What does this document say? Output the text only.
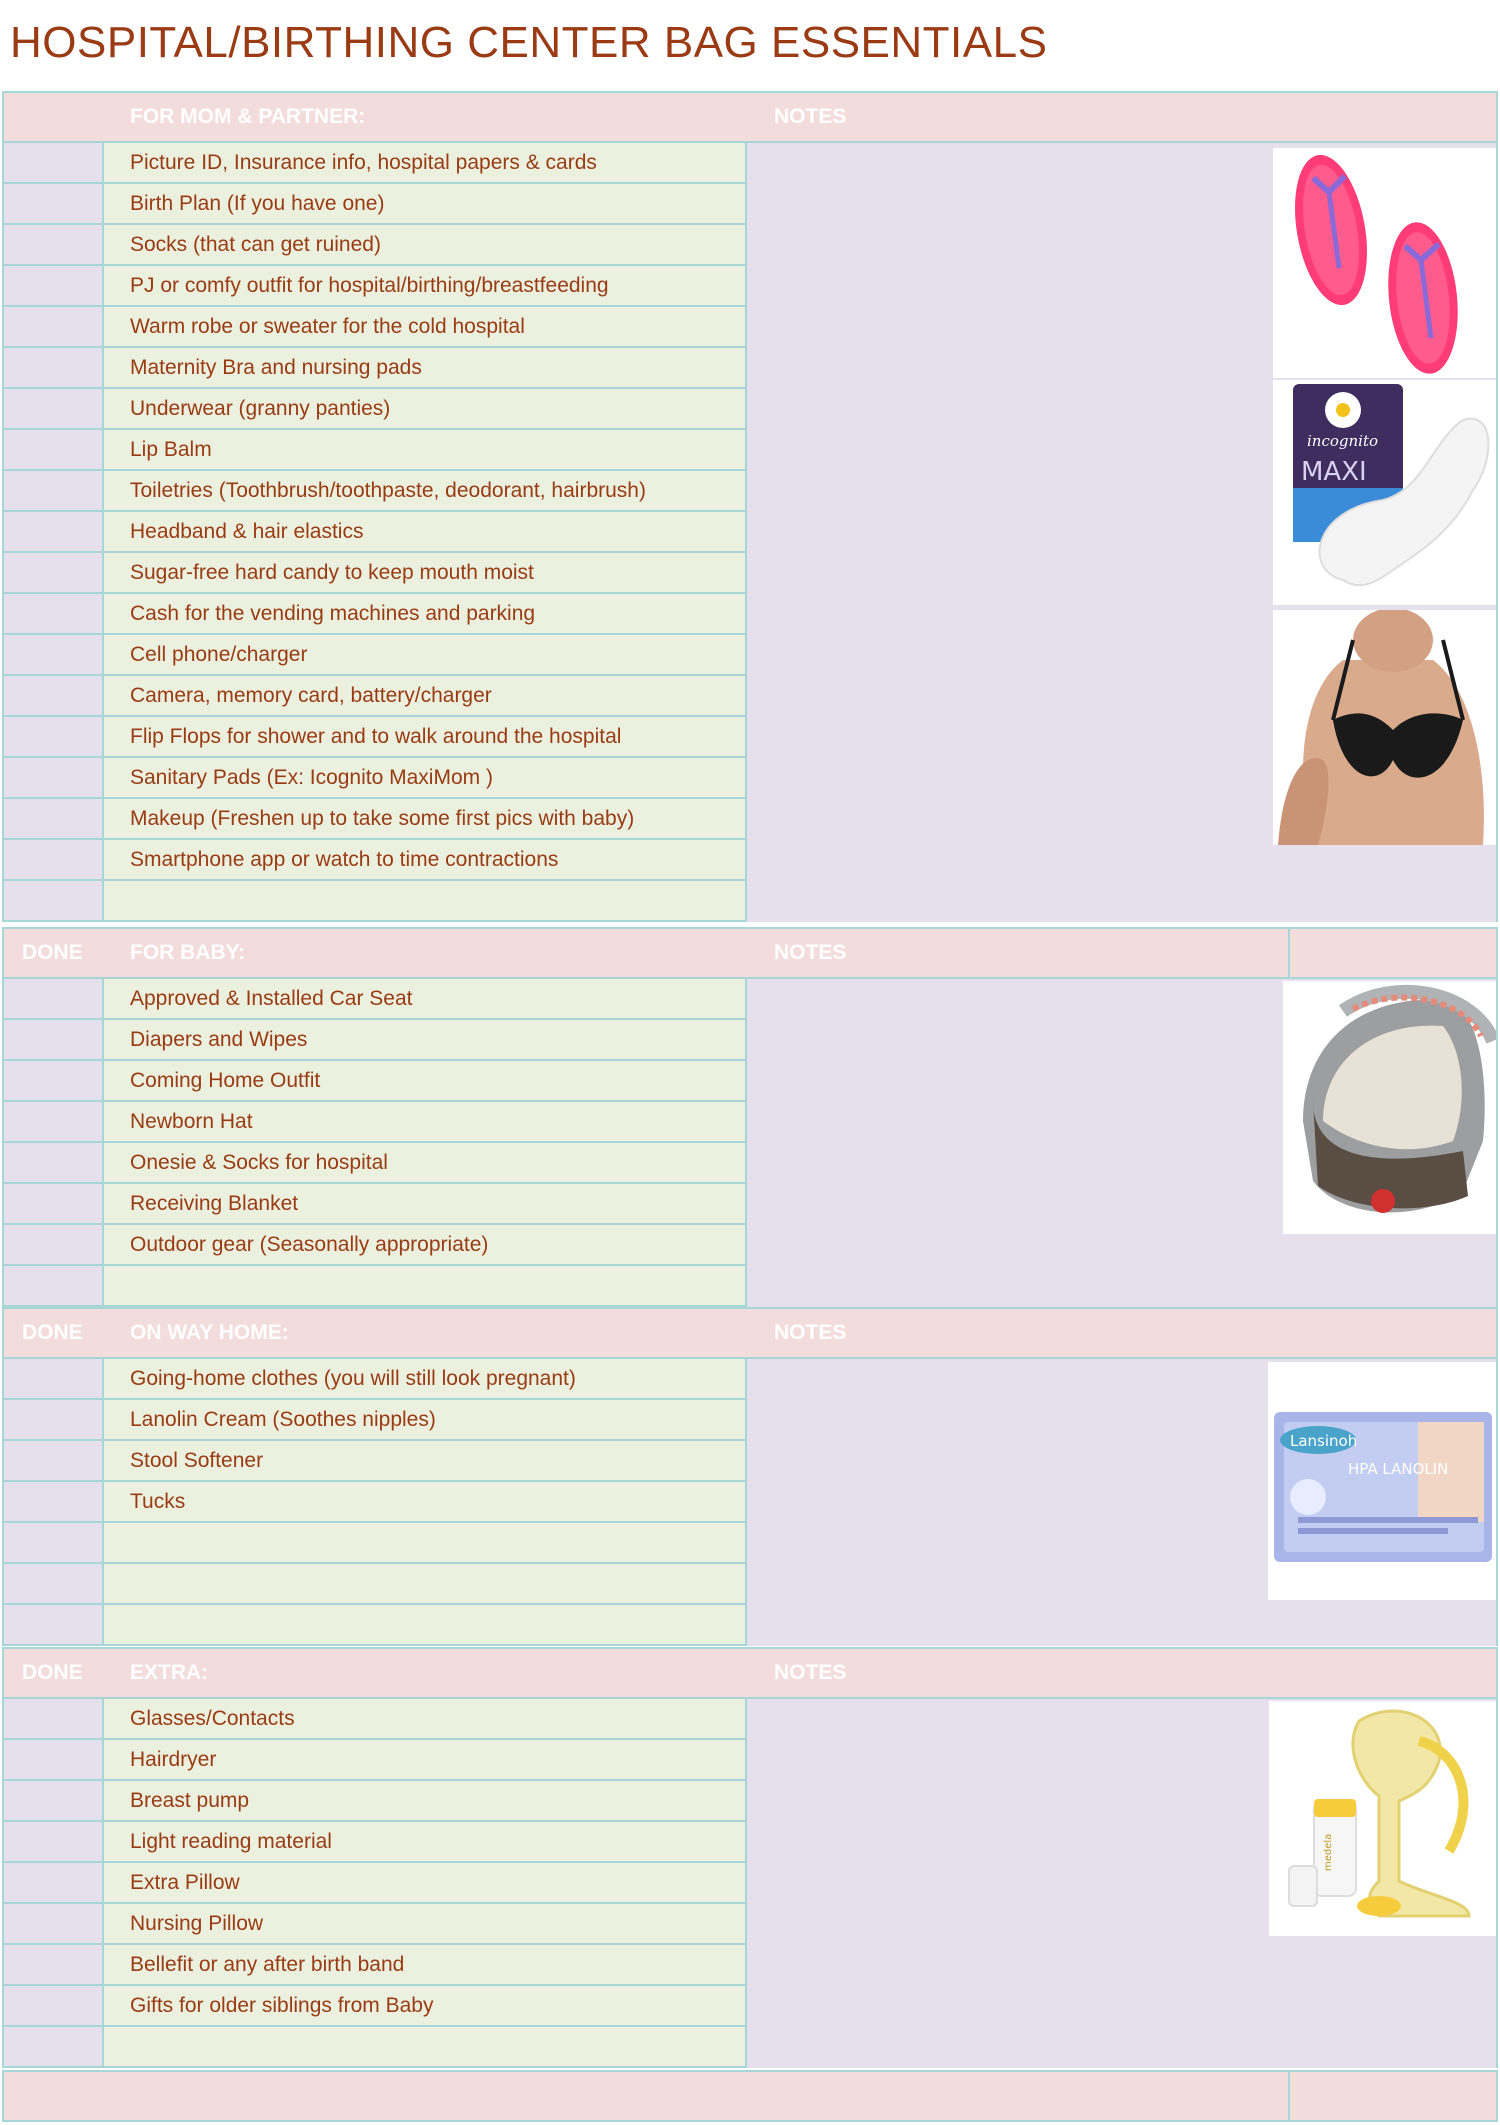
HOSPITAL/BIRTHING CENTER BAG ESSENTIALS
FOR MOM & PARTNER:	NOTES
Picture ID, Insurance info, hospital papers & cards
Birth Plan (If you have one)
Socks (that can get ruined)
PJ or comfy outfit for hospital/birthing/breastfeeding
Warm robe or sweater for the cold hospital
Maternity Bra and nursing pads
Underwear (granny panties)
Lip Balm
Toiletries (Toothbrush/toothpaste, deodorant, hairbrush)
Headband & hair elastics
Sugar-free hard candy to keep mouth moist
Cash for the vending machines and parking
Cell phone/charger
Camera, memory card, battery/charger
Flip Flops for shower and to walk around the hospital
Sanitary Pads (Ex: Icognito MaxiMom )
Makeup (Freshen up to take some first pics with baby)
Smartphone app or watch to time contractions
DONE FOR BABY:	NOTES
Approved & Installed Car Seat
Diapers and Wipes
Coming Home Outfit
Newborn Hat
Onesie & Socks for hospital
Receiving Blanket
Outdoor gear (Seasonally appropriate)
DONE ON WAY HOME:	NOTES
Going-home clothes (you will still look pregnant)
Lanolin Cream (Soothes nipples)
Stool Softener
Tucks
DONE EXTRA:	NOTES
Glasses/Contacts
Hairdryer
Breast pump
Light reading material
Extra Pillow
Nursing Pillow
Bellefit or any after birth band
Gifts for older siblings from Baby
incognito
MAXI
Lansinoh
HPA LANOLIN
medela
